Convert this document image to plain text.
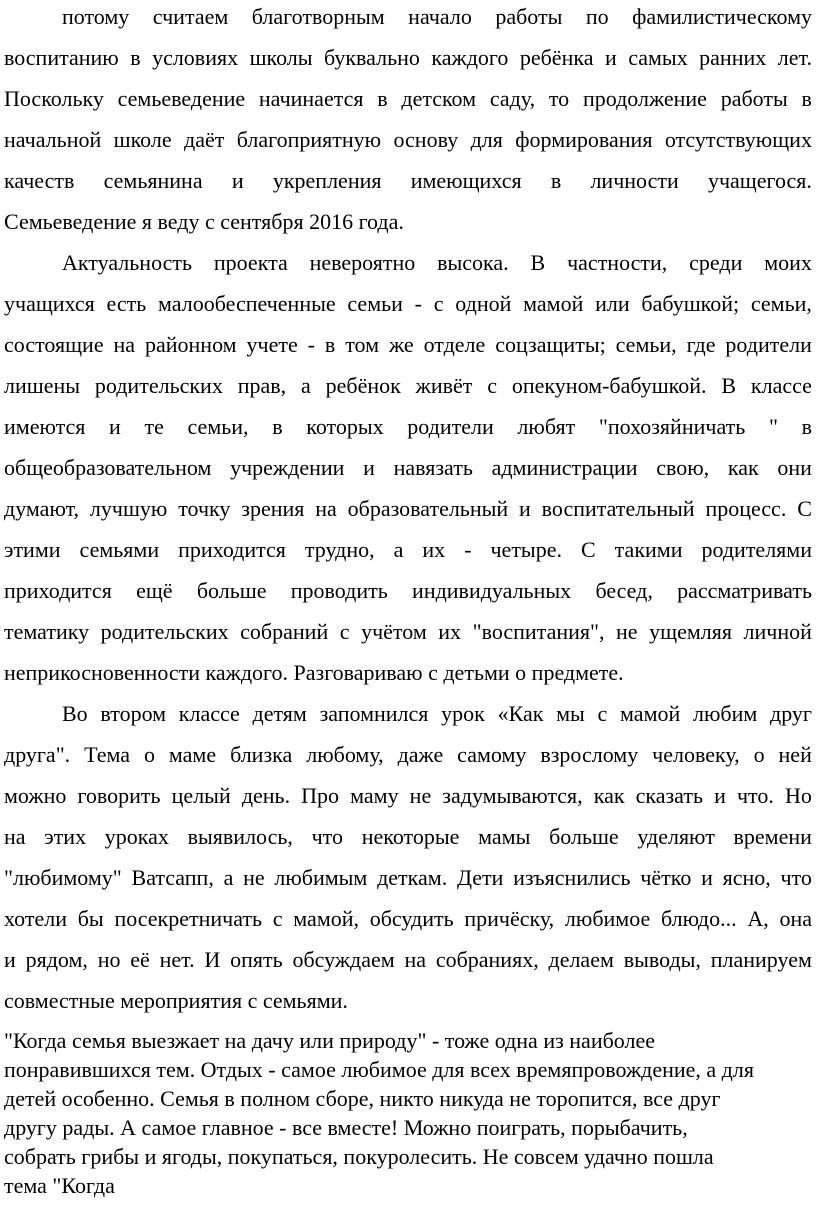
потому считаем благотворным начало работы по фамилистическому
воспитанию в условиях школы буквально каждого ребёнка и самых ранних лет.
Поскольку семьеведение начинается в детском саду, то продолжение работы в
начальной школе даёт благоприятную основу для формирования отсутствующих
качеств семьянина и укрепления имеющихся в личности учащегося.
Семьеведение я веду с сентября 2016 года.
Актуальность проекта невероятно высока. В частности, среди моих
учащихся есть малообеспеченные семьи - с одной мамой или бабушкой; семьи,
состоящие на районном учете - в том же отделе соцзащиты; семьи, где родители
лишены родительских прав, а ребёнок живёт с опекуном-бабушкой. В классе
имеются и те семьи, в которых родители любят "похозяйничать " в
общеобразовательном учреждении и навязать администрации свою, как они
думают, лучшую точку зрения на образовательный и воспитательный процесс. С
этими семьями приходится трудно, а их - четыре. С такими родителями
приходится ещё больше проводить индивидуальных бесед, рассматривать
тематику родительских собраний с учётом их "воспитания", не ущемляя личной
неприкосновенности каждого. Разговариваю с детьми о предмете.
Во втором классе детям запомнился урок «Как мы с мамой любим друг
друга". Тема о маме близка любому, даже самому взрослому человеку, о ней
можно говорить целый день. Про маму не задумываются, как сказать и что. Но
на этих уроках выявилось, что некоторые мамы больше уделяют времени
"любимому" Ватсапп, а не любимым деткам. Дети изъяснились чётко и ясно, что
хотели бы посекретничать с мамой, обсудить причёску, любимое блюдо... А, она
и рядом, но её нет. И опять обсуждаем на собраниях, делаем выводы, планируем
совместные мероприятия с семьями.
"Когда семья выезжает на дачу или природу" - тоже одна из наиболее
понравившихся тем. Отдых - самое любимое для всех времяпровождение, а для
детей особенно. Семья в полном сборе, никто никуда не торопится, все друг
другу рады. А самое главное - все вместе! Можно поиграть, порыбачить,
собрать грибы и ягоды, покупаться, покуролесить. Не совсем удачно пошла
тема "Когда
